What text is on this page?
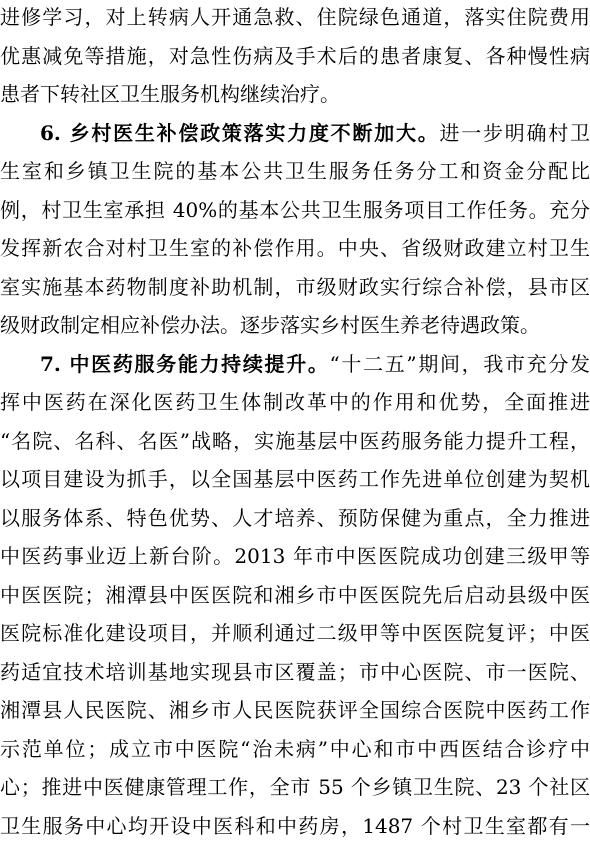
进修学习，对上转病人开通急救、住院绿色通道，落实住院费用
优惠减免等措施，对急性伤病及手术后的患者康复、各种慢性病
患者下转社区卫生服务机构继续治疗。
6. 乡村医生补偿政策落实力度不断加大。进一步明确村卫
生室和乡镇卫生院的基本公共卫生服务任务分工和资金分配比
例，村卫生室承担 40%的基本公共卫生服务项目工作任务。充分
发挥新农合对村卫生室的补偿作用。中央、省级财政建立村卫生
室实施基本药物制度补助机制，市级财政实行综合补偿，县市区
级财政制定相应补偿办法。逐步落实乡村医生养老待遇政策。
7. 中医药服务能力持续提升。“十二五”期间，我市充分发
挥中医药在深化医药卫生体制改革中的作用和优势，全面推进
“名院、名科、名医”战略，实施基层中医药服务能力提升工程，
以项目建设为抓手，以全国基层中医药工作先进单位创建为契机
以服务体系、特色优势、人才培养、预防保健为重点，全力推进
中医药事业迈上新台阶。2013 年市中医医院成功创建三级甲等
中医医院；湘潭县中医医院和湘乡市中医医院先后启动县级中医
医院标准化建设项目，并顺利通过二级甲等中医医院复评；中医
药适宜技术培训基地实现县市区覆盖；市中心医院、市一医院、
湘潭县人民医院、湘乡市人民医院获评全国综合医院中医药工作
示范单位；成立市中医院“治未病”中心和市中西医结合诊疗中
心；推进中医健康管理工作，全市 55 个乡镇卫生院、23 个社区
卫生服务中心均开设中医科和中药房，1487 个村卫生室都有一
